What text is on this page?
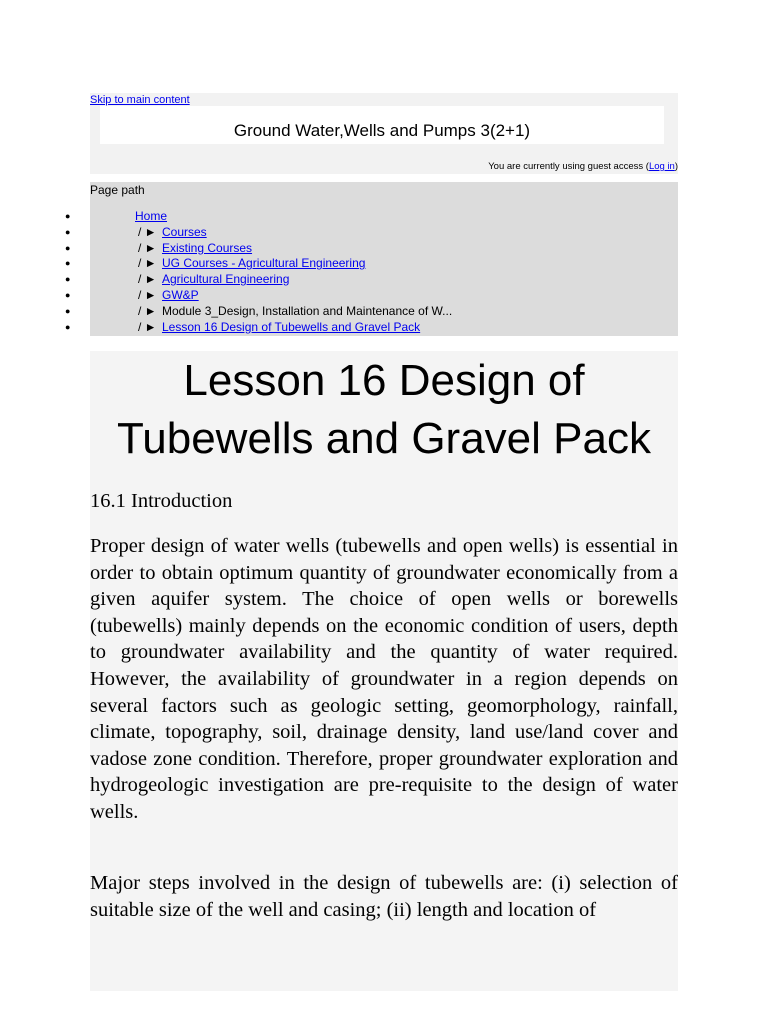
Skip to main content
Ground Water,Wells and Pumps 3(2+1)
You are currently using guest access (Log in)
Page path
●	Home
●	/ ► Courses
●	/ ► Existing Courses
●	/ ► UG Courses - Agricultural Engineering
●	/ ► Agricultural Engineering
●	/ ► GW&P
●	/ ► Module 3_Design, Installation and Maintenance of W...
●	/ ► Lesson 16 Design of Tubewells and Gravel Pack
Lesson 16 Design of Tubewells and Gravel Pack
16.1 Introduction

Proper design of water wells (tubewells and open wells) is essential in order to obtain optimum quantity of groundwater economically from a given aquifer system. The choice of open wells or borewells (tubewells) mainly depends on the economic condition of users, depth to groundwater availability and the quantity of water required. However, the availability of groundwater in a region depends on several factors such as geologic setting, geomorphology, rainfall, climate, topography, soil, drainage density, land use/land cover and vadose zone condition. Therefore, proper groundwater exploration and hydrogeologic investigation are pre-requisite to the design of water wells.

Major steps involved in the design of tubewells are: (i) selection of suitable size of the well and casing; (ii) length and location of
